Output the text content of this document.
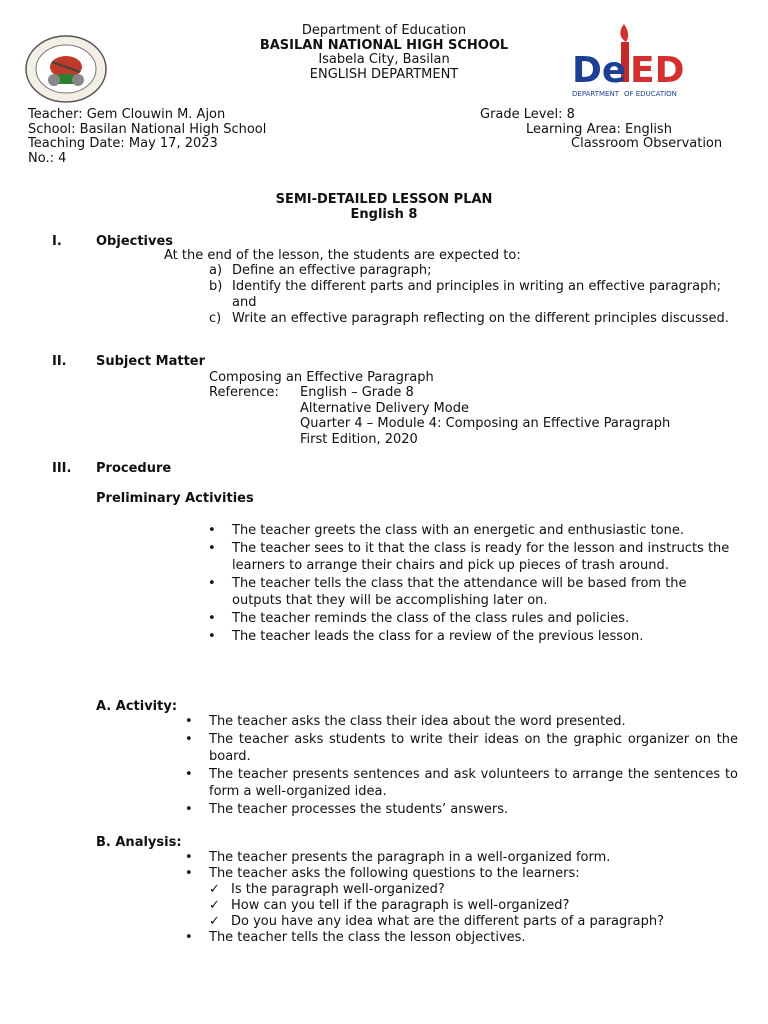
De ED
DEPARTMENT OF EDUCATION
Department of Education
BASILAN NATIONAL HIGH SCHOOL
Isabela City, Basilan
ENGLISH DEPARTMENT
Teacher: Gem Clouwin M. Ajon
School: Basilan National High School
Teaching Date: May 17, 2023
No.: 4
Grade Level: 8
Learning Area: English
Classroom Observation
SEMI-DETAILED LESSON PLAN
English 8
I.	Objectives
At the end of the lesson, the students are expected to:
a) Define an effective paragraph;
b) Identify the different parts and principles in writing an effective paragraph; and
c) Write an effective paragraph reflecting on the different principles discussed.
II. Subject Matter
Composing an Effective Paragraph
Reference: English – Grade 8
Alternative Delivery Mode
Quarter 4 – Module 4: Composing an Effective Paragraph
First Edition, 2020
III. Procedure
Preliminary Activities
• The teacher greets the class with an energetic and enthusiastic tone.
• The teacher sees to it that the class is ready for the lesson and instructs the learners to arrange their chairs and pick up pieces of trash around.
• The teacher tells the class that the attendance will be based from the outputs that they will be accomplishing later on.
• The teacher reminds the class of the class rules and policies.
• The teacher leads the class for a review of the previous lesson.
A. Activity:
• The teacher asks the class their idea about the word presented.
• The teacher asks students to write their ideas on the graphic organizer on the board.
• The teacher presents sentences and ask volunteers to arrange the sentences to form a well-organized idea.
• The teacher processes the students’ answers.
B. Analysis:
• The teacher presents the paragraph in a well-organized form.
• The teacher asks the following questions to the learners:
✓ Is the paragraph well-organized?
✓ How can you tell if the paragraph is well-organized?
✓ Do you have any idea what are the different parts of a paragraph?
• The teacher tells the class the lesson objectives.
